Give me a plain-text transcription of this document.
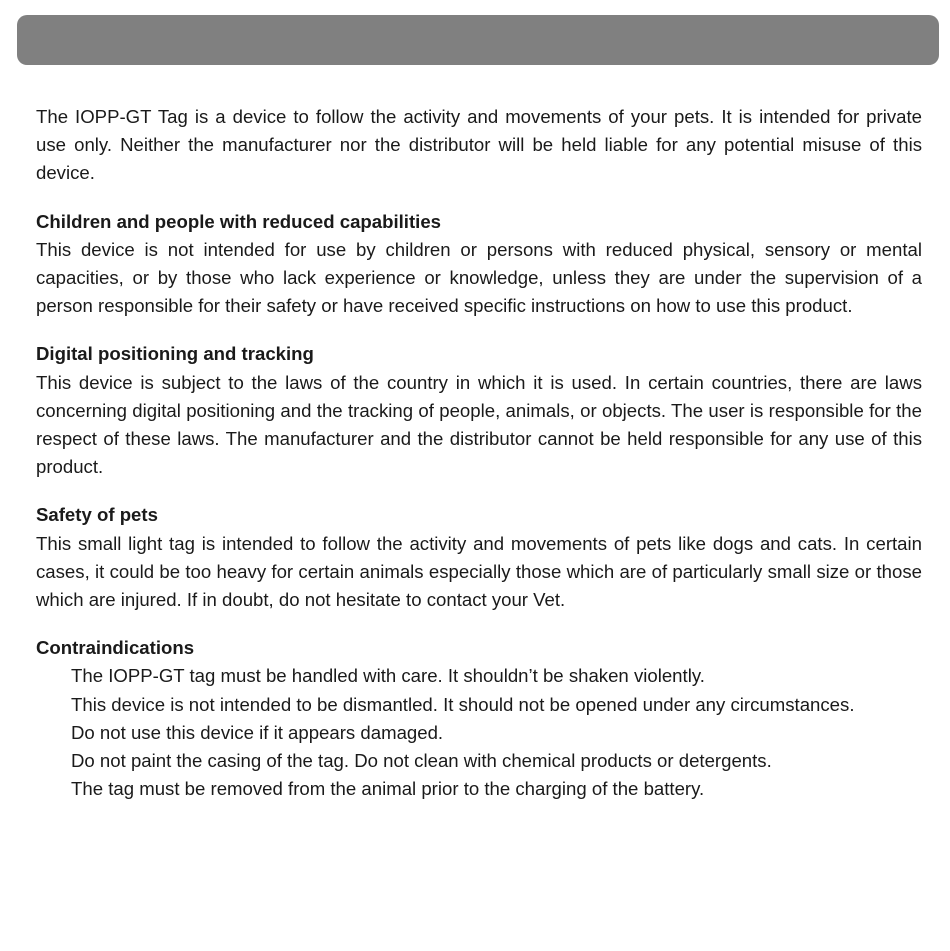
The IOPP-GT Tag is a device to follow the activity and movements of your pets. It is intended for private use only. Neither the manufacturer nor the distributor will be held liable for any potential misuse of this device.

Children and people with reduced capabilities

This device is not intended for use by children or persons with reduced physical, sensory or mental capacities, or by those who lack experience or knowledge, unless they are under the supervision of a person responsible for their safety or have received specific instructions on how to use this product.

Digital positioning and tracking

This device is subject to the laws of the country in which it is used. In certain countries, there are laws concerning digital positioning and the tracking of people, animals, or objects. The user is responsible for the respect of these laws. The manufacturer and the distributor cannot be held responsible for any use of this product.

Safety of pets

This small light tag is intended to follow the activity and movements of pets like dogs and cats. In certain cases, it could be too heavy for certain animals especially those which are of particularly small size or those which are injured. If in doubt, do not hesitate to contact your Vet.

Contraindications

The IOPP-GT tag must be handled with care. It shouldn’t be shaken violently.
This device is not intended to be dismantled. It should not be opened under any circumstances.
Do not use this device if it appears damaged.
Do not paint the casing of the tag. Do not clean with chemical products or detergents.
The tag must be removed from the animal prior to the charging of the battery.
